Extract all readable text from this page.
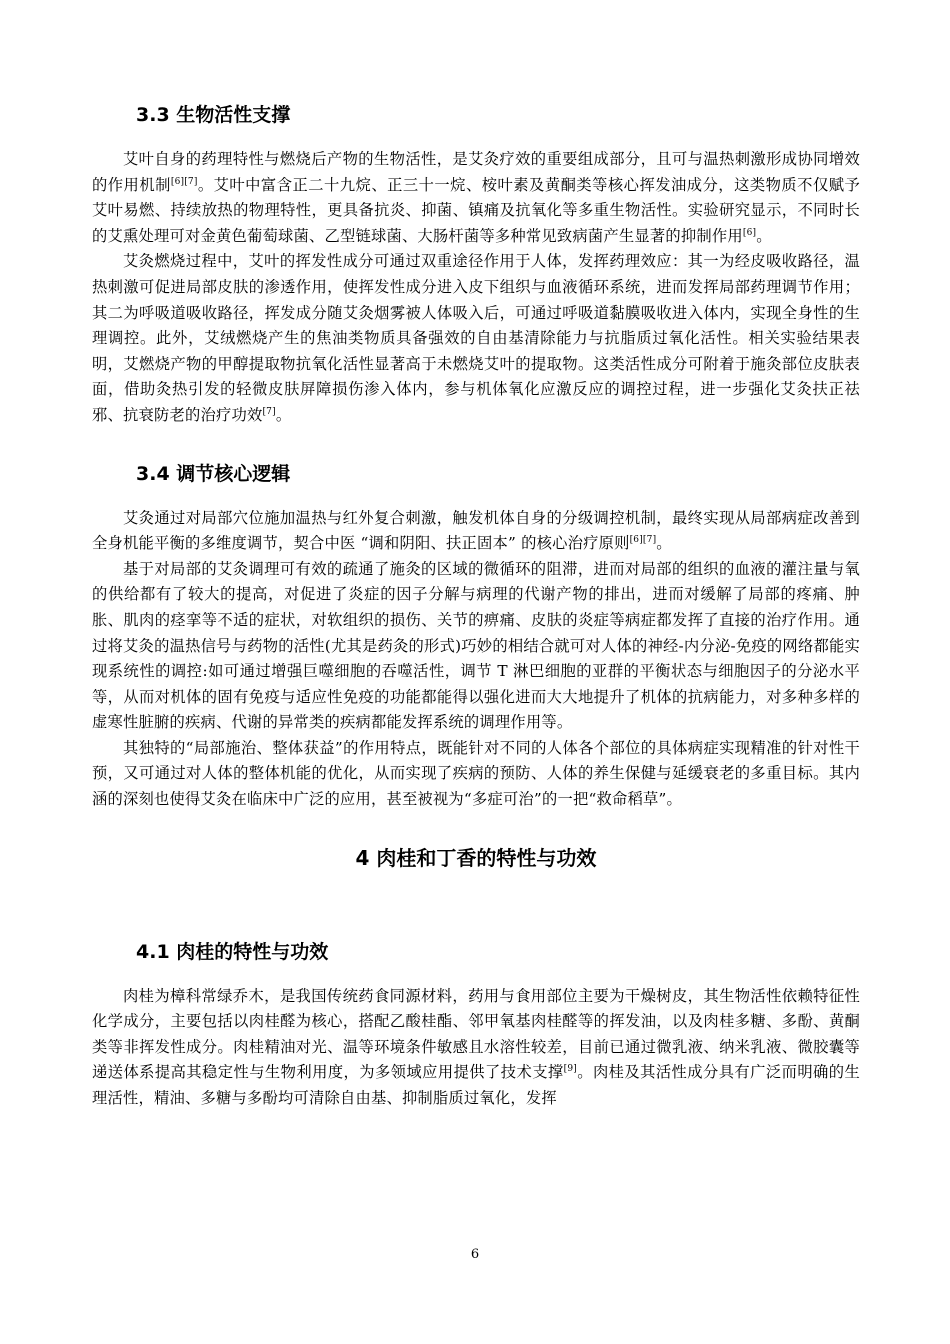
3.3 生物活性支撑

艾叶自身的药理特性与燃烧后产物的生物活性，是艾灸疗效的重要组成部分，且可与温热刺激形成协同增效的作用机制[6][7]。艾叶中富含正二十九烷、正三十一烷、桉叶素及黄酮类等核心挥发油成分，这类物质不仅赋予艾叶易燃、持续放热的物理特性，更具备抗炎、抑菌、镇痛及抗氧化等多重生物活性。实验研究显示，不同时长的艾熏处理可对金黄色葡萄球菌、乙型链球菌、大肠杆菌等多种常见致病菌产生显著的抑制作用[6]。

艾灸燃烧过程中，艾叶的挥发性成分可通过双重途径作用于人体，发挥药理效应：其一为经皮吸收路径，温热刺激可促进局部皮肤的渗透作用，使挥发性成分进入皮下组织与血液循环系统，进而发挥局部药理调节作用；其二为呼吸道吸收路径，挥发成分随艾灸烟雾被人体吸入后，可通过呼吸道黏膜吸收进入体内，实现全身性的生理调控。此外，艾绒燃烧产生的焦油类物质具备强效的自由基清除能力与抗脂质过氧化活性。相关实验结果表明，艾燃烧产物的甲醇提取物抗氧化活性显著高于未燃烧艾叶的提取物。这类活性成分可附着于施灸部位皮肤表面，借助灸热引发的轻微皮肤屏障损伤渗入体内，参与机体氧化应激反应的调控过程，进一步强化艾灸扶正祛邪、抗衰防老的治疗功效[7]。

3.4 调节核心逻辑

艾灸通过对局部穴位施加温热与红外复合刺激，触发机体自身的分级调控机制，最终实现从局部病症改善到全身机能平衡的多维度调节，契合中医 “调和阴阳、扶正固本” 的核心治疗原则[6][7]。

基于对局部的艾灸调理可有效的疏通了施灸的区域的微循环的阻滞，进而对局部的组织的血液的灌注量与氧的供给都有了较大的提高，对促进了炎症的因子分解与病理的代谢产物的排出，进而对缓解了局部的疼痛、肿胀、肌肉的痉挛等不适的症状，对软组织的损伤、关节的痹痛、皮肤的炎症等病症都发挥了直接的治疗作用。通过将艾灸的温热信号与药物的活性(尤其是药灸的形式)巧妙的相结合就可对人体的神经-内分泌-免疫的网络都能实现系统性的调控:如可通过增强巨噬细胞的吞噬活性，调节 T 淋巴细胞的亚群的平衡状态与细胞因子的分泌水平等，从而对机体的固有免疫与适应性免疫的功能都能得以强化进而大大地提升了机体的抗病能力，对多种多样的虚寒性脏腑的疾病、代谢的异常类的疾病都能发挥系统的调理作用等。

其独特的“局部施治、整体获益”的作用特点，既能针对不同的人体各个部位的具体病症实现精准的针对性干预，又可通过对人体的整体机能的优化，从而实现了疾病的预防、人体的养生保健与延缓衰老的多重目标。其内涵的深刻也使得艾灸在临床中广泛的应用，甚至被视为“多症可治”的一把“救命稻草”。

4 肉桂和丁香的特性与功效
4.1 肉桂的特性与功效

肉桂为樟科常绿乔木，是我国传统药食同源材料，药用与食用部位主要为干燥树皮，其生物活性依赖特征性化学成分，主要包括以肉桂醛为核心，搭配乙酸桂酯、邻甲氧基肉桂醛等的挥发油，以及肉桂多糖、多酚、黄酮类等非挥发性成分。肉桂精油对光、温等环境条件敏感且水溶性较差，目前已通过微乳液、纳米乳液、微胶囊等递送体系提高其稳定性与生物利用度，为多领域应用提供了技术支撑[9]。肉桂及其活性成分具有广泛而明确的生理活性，精油、多糖与多酚均可清除自由基、抑制脂质过氧化，发挥

6
